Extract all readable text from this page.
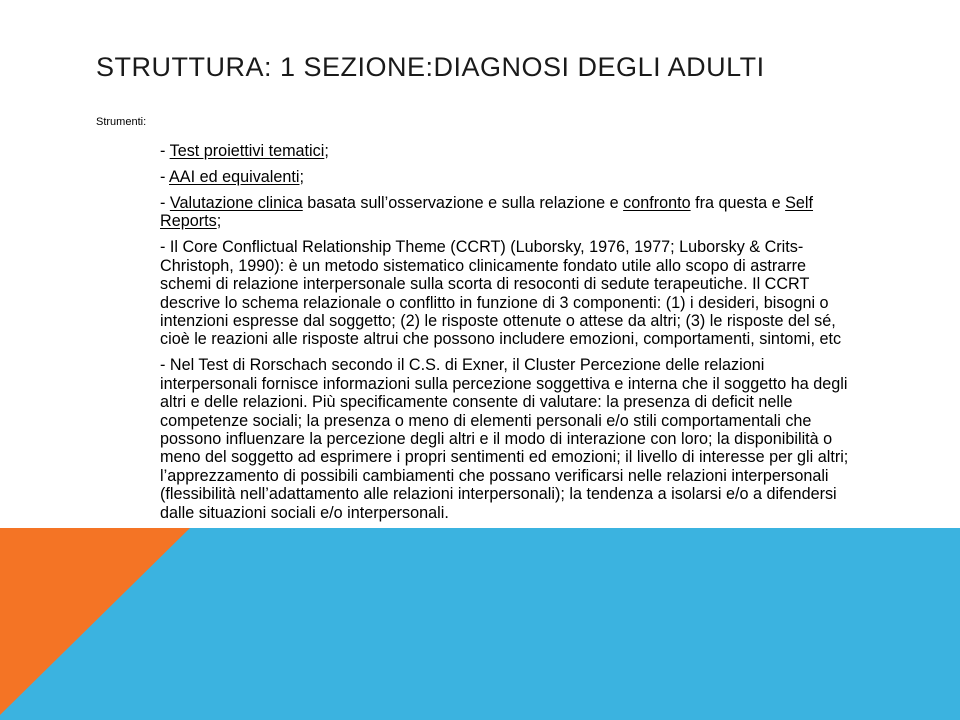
STRUTTURA: 1 SEZIONE:DIAGNOSI DEGLI ADULTI
Strumenti:

- Test proiettivi tematici;

- AAI ed equivalenti;

- Valutazione clinica basata sull’osservazione e sulla relazione e confronto fra questa e Self Reports;

- Il Core Conflictual Relationship Theme (CCRT) (Luborsky, 1976, 1977; Luborsky & Crits- Christoph, 1990): è un metodo sistematico clinicamente fondato utile allo scopo di astrarre schemi di relazione interpersonale sulla scorta di resoconti di sedute terapeutiche. Il CCRT descrive lo schema relazionale o conflitto in funzione di 3 componenti: (1) i desideri, bisogni o intenzioni espresse dal soggetto; (2) le risposte ottenute o attese da altri; (3) le risposte del sé, cioè le reazioni alle risposte altrui che possono includere emozioni, comportamenti, sintomi, etc

- Nel Test di Rorschach secondo il C.S. di Exner, il Cluster Percezione delle relazioni interpersonali fornisce informazioni sulla percezione soggettiva e interna che il soggetto ha degli altri e delle relazioni. Più specificamente consente di valutare: la presenza di deficit nelle competenze sociali; la presenza o meno di elementi personali e/o stili comportamentali che possono influenzare la percezione degli altri e il modo di interazione con loro; la disponibilità o meno del soggetto ad esprimere i propri sentimenti ed emozioni; il livello di interesse per gli altri; l’apprezzamento di possibili cambiamenti che possano verificarsi nelle relazioni interpersonali (flessibilità nell’adattamento alle relazioni interpersonali); la tendenza a isolarsi e/o a difendersi dalle situazioni sociali e/o interpersonali.
